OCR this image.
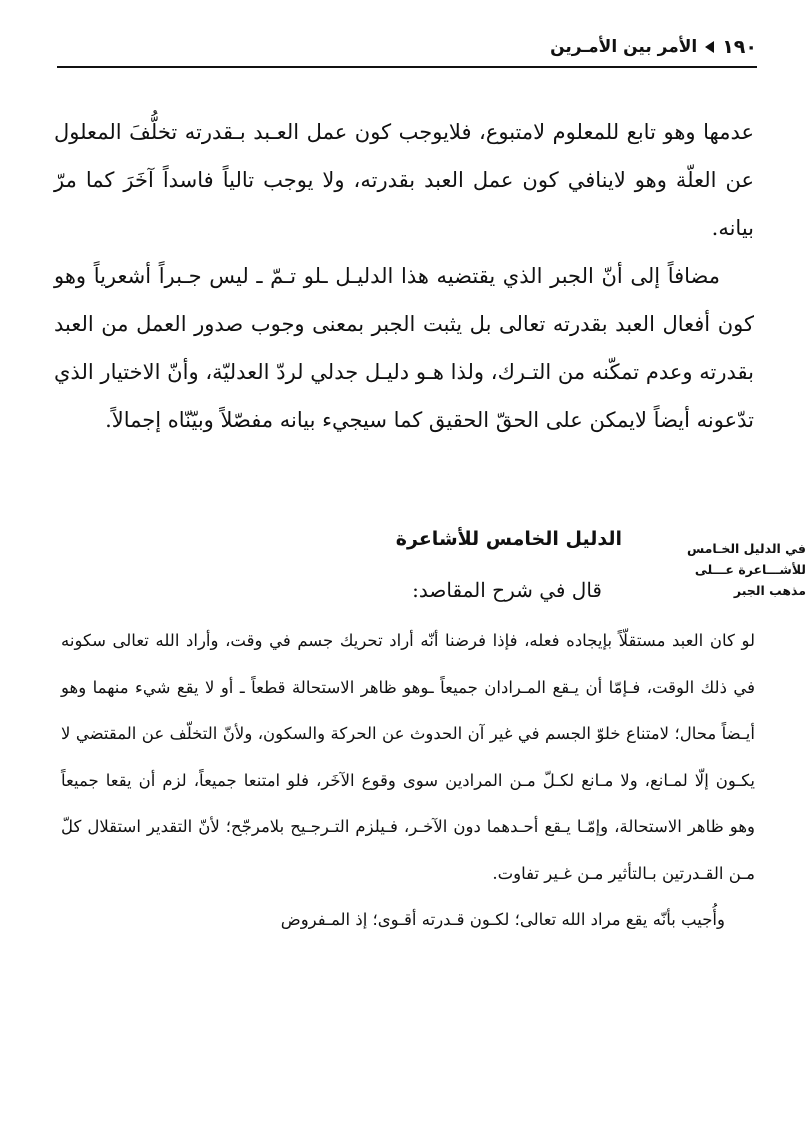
١٩٠
الأمر بين الأمـرين

عدمها وهو تابع للمعلوم لامتبوع، فلايوجب كون عمل العـبد بـقدرته تخلُّفَ المعلول عن العلّة وهو لاينافي كون عمل العبد بقدرته، ولا يوجب تالياً فاسداً آخَرَ كما مرّ بيانه.

مضافاً إلى أنّ الجبر الذي يقتضيه هذا الدليـل ـلو تـمّ ـ ليس جـبراً أشعرياً وهو كون أفعال العبد بقدرته تعالى بل يثبت الجبر بمعنى وجوب صدور العمل من العبد بقدرته وعدم تمكّنه من التـرك، ولذا هـو دليـل جدلي لردّ العدليّة، وأنّ الاختيار الذي تدّعونه أيضاً لايمكن على الحقّ الحقيق كما سيجيء بيانه مفصّلاً وبيّنّاه إجمالاً.

الدليل الخامس للأشاعرة	في الدليل الخـامس
للأشـــاعرة عـــلى
مذهب الجبر
قال في شرح المقاصد:

لو كان العبد مستقلّاً بإيجاده فعله، فإذا فرضنا أنّه أراد تحريك جسم في وقت، وأراد الله تعالى سكونه في ذلك الوقت، فـإمّا أن يـقع المـرادان جميعاً ـوهو ظاهر الاستحالة قطعاً ـ أو لا يقع شيء منهما وهو أيـضاً محال؛ لامتناع خلوّ الجسم في غير آن الحدوث عن الحركة والسكون، ولأنّ التخلّف عن المقتضي لا يكـون إلّا لمـانع، ولا مـانع لكـلّ مـن المرادين سوى وقوع الآخَر، فلو امتنعا جميعاً، لزم أن يقعا جميعاً وهو ظاهر الاستحالة، وإمّـا يـقع أحـدهما دون الآخـر، فـيلزم التـرجـيح بلامرجّح؛ لأنّ التقدير استقلال كلّ مـن القـدرتين بـالتأثير مـن غـير تفاوت.

وأُجيب بأنّه يقع مراد الله تعالى؛ لكـون قـدرته أقـوى؛ إذ المـفروض
